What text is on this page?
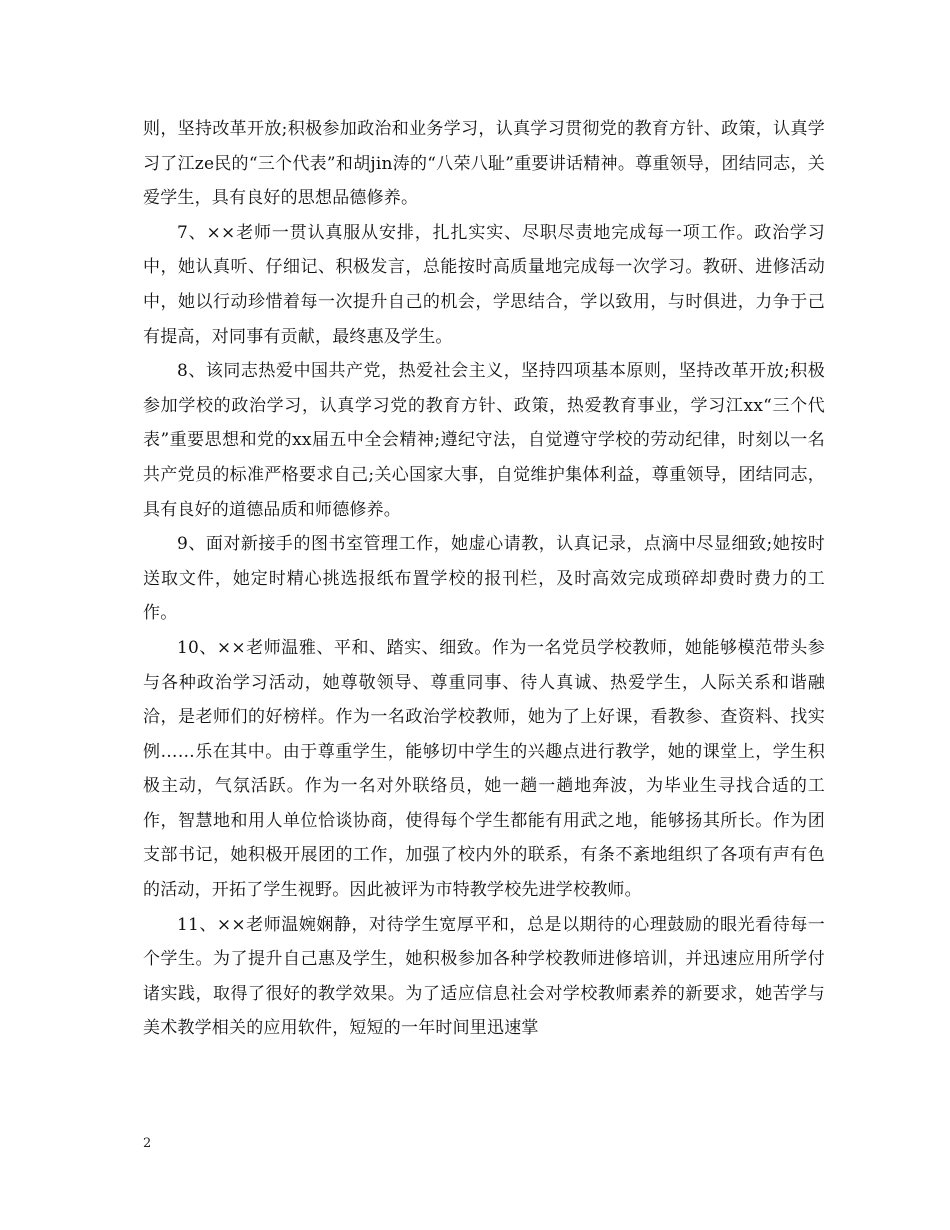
则，坚持改革开放;积极参加政治和业务学习，认真学习贯彻党的教育方针、政策，认真学习了江ze民的“三个代表”和胡jin涛的“八荣八耻”重要讲话精神。尊重领导，团结同志，关爱学生，具有良好的思想品德修养。

7、××老师一贯认真服从安排，扎扎实实、尽职尽责地完成每一项工作。政治学习中，她认真听、仔细记、积极发言，总能按时高质量地完成每一次学习。教研、进修活动中，她以行动珍惜着每一次提升自己的机会，学思结合，学以致用，与时俱进，力争于己有提高，对同事有贡献，最终惠及学生。

8、该同志热爱中国共产党，热爱社会主义，坚持四项基本原则，坚持改革开放;积极参加学校的政治学习，认真学习党的教育方针、政策，热爱教育事业，学习江xx“三个代表”重要思想和党的xx届五中全会精神;遵纪守法，自觉遵守学校的劳动纪律，时刻以一名共产党员的标准严格要求自己;关心国家大事，自觉维护集体利益，尊重领导，团结同志，具有良好的道德品质和师德修养。

9、面对新接手的图书室管理工作，她虚心请教，认真记录，点滴中尽显细致;她按时送取文件，她定时精心挑选报纸布置学校的报刊栏，及时高效完成琐碎却费时费力的工作。

10、××老师温雅、平和、踏实、细致。作为一名党员学校教师，她能够模范带头参与各种政治学习活动，她尊敬领导、尊重同事、待人真诚、热爱学生，人际关系和谐融洽，是老师们的好榜样。作为一名政治学校教师，她为了上好课，看教参、查资料、找实例……乐在其中。由于尊重学生，能够切中学生的兴趣点进行教学，她的课堂上，学生积极主动，气氛活跃。作为一名对外联络员，她一趟一趟地奔波，为毕业生寻找合适的工作，智慧地和用人单位恰谈协商，使得每个学生都能有用武之地，能够扬其所长。作为团支部书记，她积极开展团的工作，加强了校内外的联系，有条不紊地组织了各项有声有色的活动，开拓了学生视野。因此被评为市特教学校先进学校教师。

11、××老师温婉娴静，对待学生宽厚平和，总是以期待的心理鼓励的眼光看待每一个学生。为了提升自己惠及学生，她积极参加各种学校教师进修培训，并迅速应用所学付诸实践，取得了很好的教学效果。为了适应信息社会对学校教师素养的新要求，她苦学与美术教学相关的应用软件，短短的一年时间里迅速掌

2
